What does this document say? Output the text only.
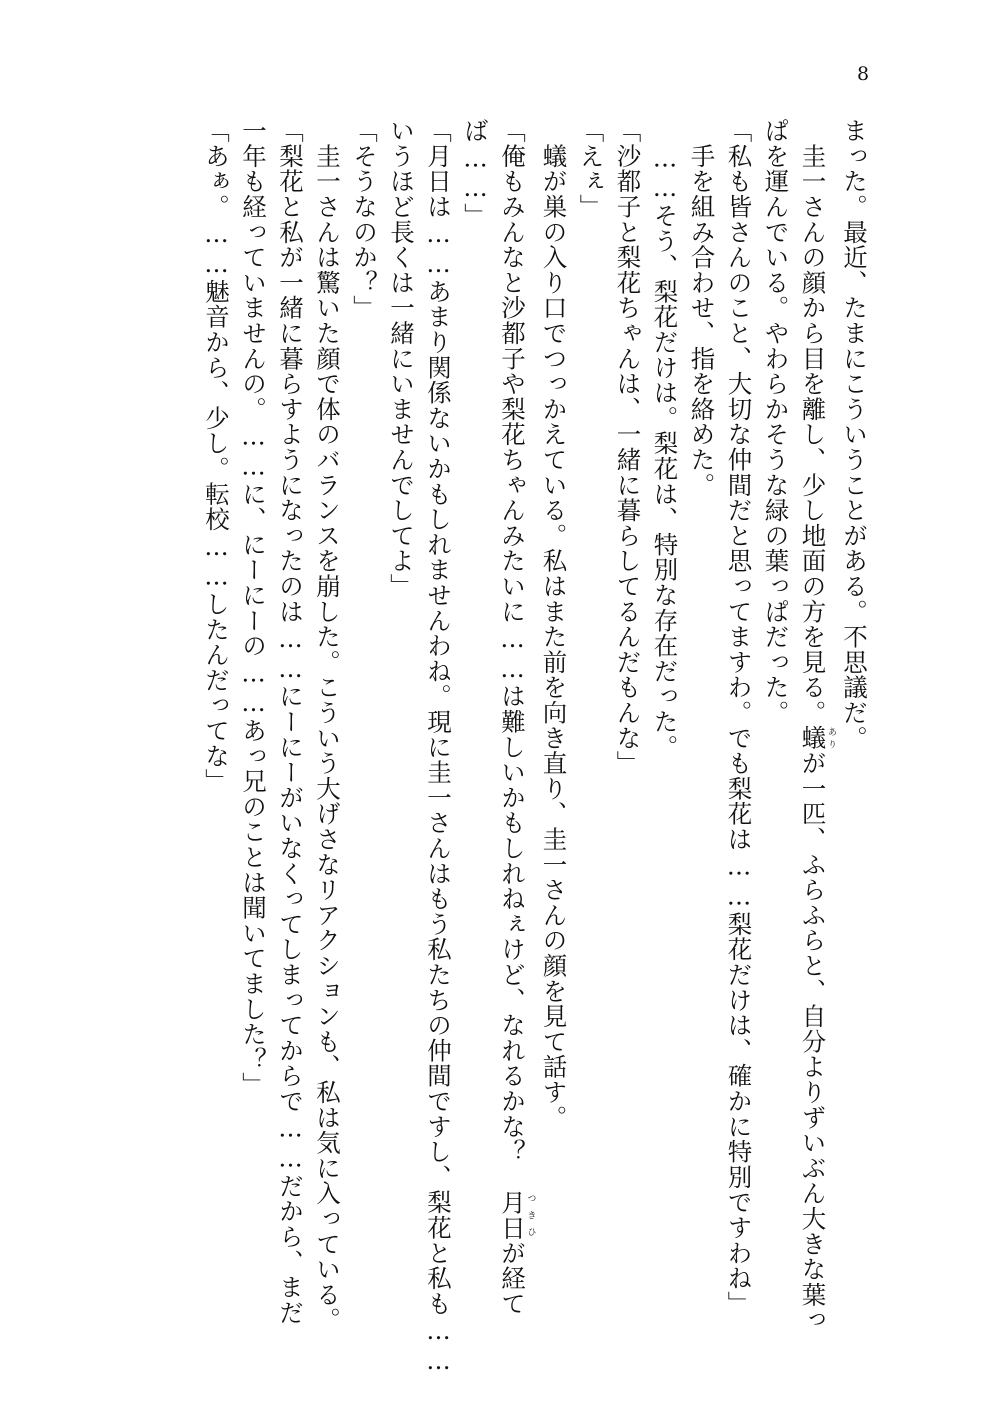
8
まった。最近、たまにこういうことがある。不思議だ。
　圭一さんの顔から目を離し、少し地面の方を見る。蟻ありが一匹、ふらふらと、自分よりずいぶん大きな葉っ
ぱを運んでいる。やわらかそうな緑の葉っぱだった。
「私も皆さんのこと、大切な仲間だと思ってますわ。でも梨花は……梨花だけは、確かに特別ですわね」
　手を組み合わせ、指を絡めた。
　……そう、梨花だけは。梨花は、特別な存在だった。
「沙都子と梨花ちゃんは、一緒に暮らしてるんだもんな」
「えぇ」
　蟻が巣の入り口でつっかえている。私はまた前を向き直り、圭一さんの顔を見て話す。
「俺もみんなと沙都子や梨花ちゃんみたいに……は難しいかもしれねぇけど、なれるかな？　月日つきひが経て
ば……」
「月日は……あまり関係ないかもしれませんわね。現に圭一さんはもう私たちの仲間ですし、梨花と私も……
いうほど長くは一緒にいませんでしてよ」
「そうなのか？」
　圭一さんは驚いた顔で体のバランスを崩した。こういう大げさなリアクションも、私は気に入っている。
「梨花と私が一緒に暮らすようになったのは……にーにーがいなくってしまってからで……だから、まだ
一年も経っていませんの。……に、にーにーの……あっ兄のことは聞いてました？」
「あぁ。……魅音から、少し。転校……したんだってな」
